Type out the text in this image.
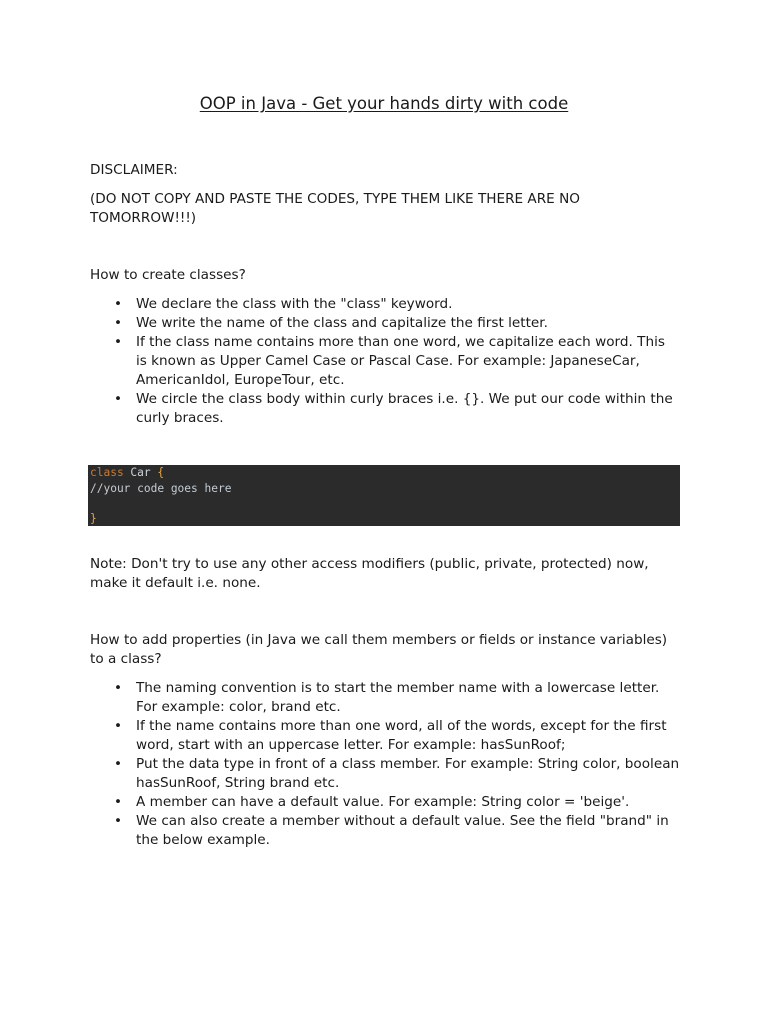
OOP in Java - Get your hands dirty with code

DISCLAIMER:

(DO NOT COPY AND PASTE THE CODES, TYPE THEM LIKE THERE ARE NO TOMORROW!!!)

How to create classes?

• We declare the class with the "class" keyword.
• We write the name of the class and capitalize the first letter.
• If the class name contains more than one word, we capitalize each word. This is known as Upper Camel Case or Pascal Case. For example: JapaneseCar, AmericanIdol, EuropeTour, etc.
• We circle the class body within curly braces i.e. {}. We put our code within the curly braces.
class Car {
//your code goes here
}

Note: Don't try to use any other access modifiers (public, private, protected) now, make it default i.e. none.

How to add properties (in Java we call them members or fields or instance variables) to a class?

• The naming convention is to start the member name with a lowercase letter. For example: color, brand etc.
• If the name contains more than one word, all of the words, except for the first word, start with an uppercase letter. For example: hasSunRoof;
• Put the data type in front of a class member. For example: String color, boolean hasSunRoof, String brand etc.
• A member can have a default value. For example: String color = 'beige'.
• We can also create a member without a default value. See the field "brand" in the below example.
